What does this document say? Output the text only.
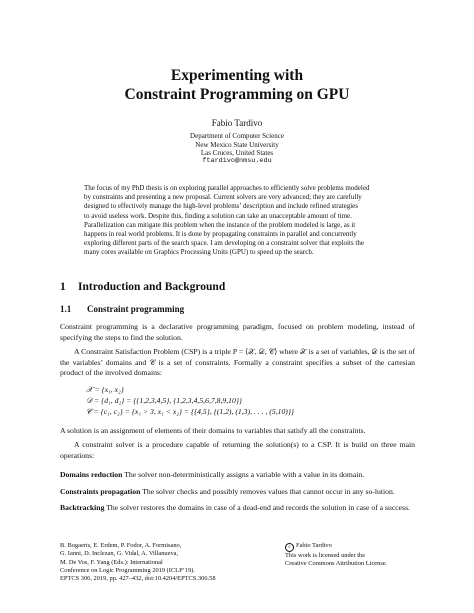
Experimenting with
Constraint Programming on GPU
Fabio Tardivo
Department of Computer Science
New Mexico State University
Las Cruces, United States
ftardivo@nmsu.edu
The focus of my PhD thesis is on exploring parallel approaches to efficiently solve problems modeled
by constraints and presenting a new proposal. Current solvers are very advanced; they are carefully
designed to effectively manage the high-level problems’ description and include refined strategies
to avoid useless work. Despite this, finding a solution can take an unacceptable amount of time.
Parallelization can mitigate this problem when the instance of the problem modeled is large, as it
happens in real world problems. It is done by propagating constraints in parallel and concurrently
exploring different parts of the search space. I am developing on a constraint solver that exploits the
many cores available on Graphics Processing Units (GPU) to speed up the search.
1 Introduction and Background
1.1 Constraint programming

Constraint programming is a declarative programming paradigm, focused on problem modeling, instead of specifying the steps to find the solution.

A Constraint Satisfaction Problem (CSP) is a triple P = ⟨𝒳, 𝒟, 𝒞⟩ where 𝒳 is a set of variables, 𝒟 is the set of the variables’ domains and 𝒞 is a set of constraints. Formally a constraint specifies a subset of the cartesian product of the involved domains:

𝒳 = {x₁, x₂}
𝒟 = {d₁, d₂} = {{1,2,3,4,5}, {1,2,3,4,5,6,7,8,9,10}}
𝒞 = {c₁, c₂} = {x₁ > 3, x₁ < x₂} = {{4,5}, {(1,2), (1,3), . . . , (5,10)}}

A solution is an assignment of elements of their domains to variables that satisfy all the constraints.

A constraint solver is a procedure capable of returning the solution(s) to a CSP. It is build on three main operations:

Domains reduction The solver non-deterministically assigns a variable with a value in its domain.
Constraints propagation The solver checks and possibly removes values that cannot occur in any so-lution.
Backtracking The solver restores the domains in case of a dead-end and records the solution in case of a success.
B. Bogaerts, E. Erdem, P. Fodor, A. Formisano,
G. Ianni, D. Inclezan, G. Vidal, A. Villanueva,
M. De Vos, F. Yang (Eds.): International
Conference on Logic Programming 2019 (ICLP’19).
EPTCS 306, 2019, pp. 427–432, doi:10.4204/EPTCS.306.58
c Fabio Tardivo
This work is licensed under the
Creative Commons Attribution License.
